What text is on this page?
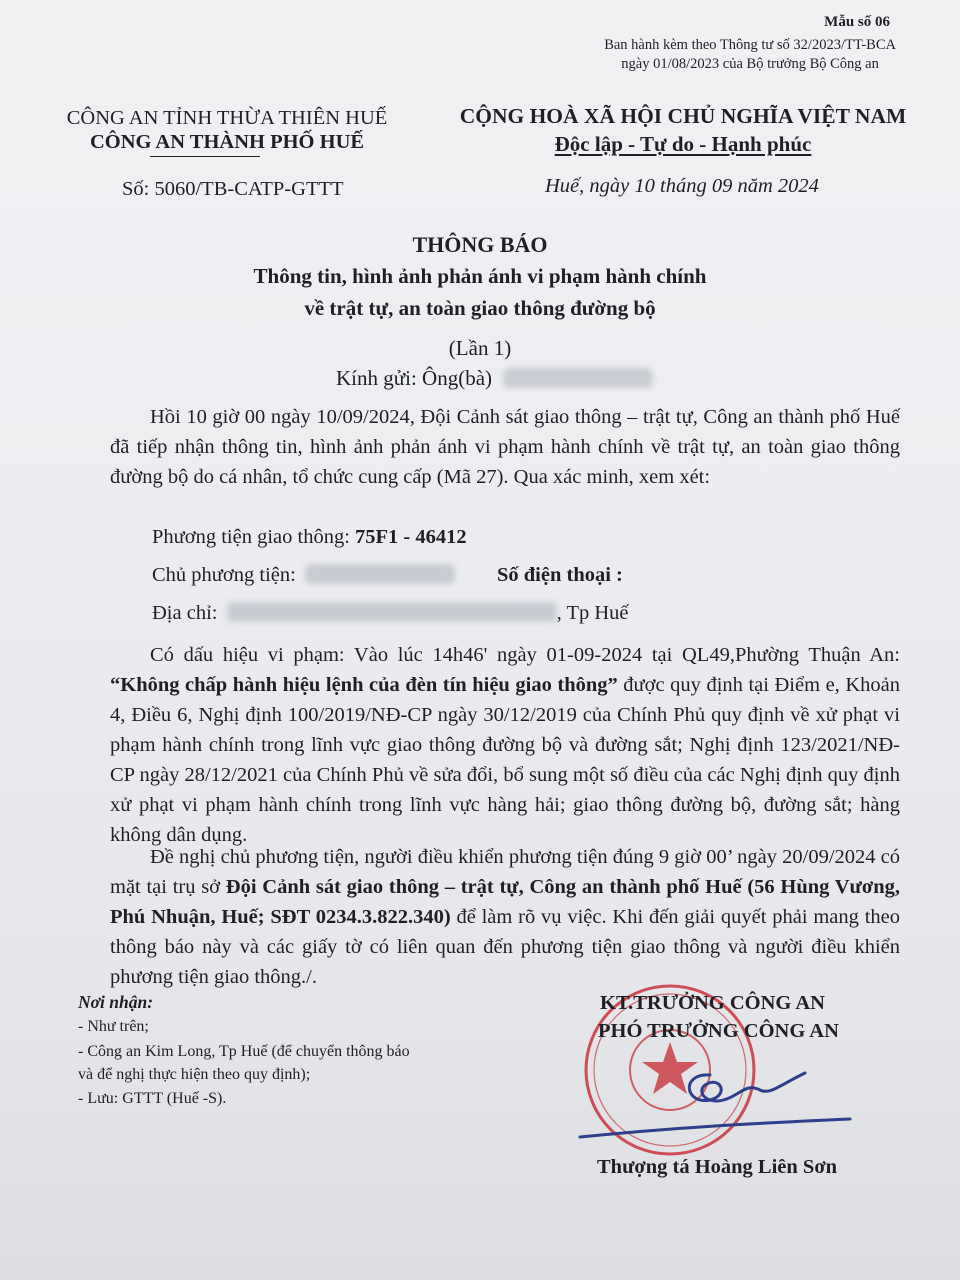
Mẫu số 06
Ban hành kèm theo Thông tư số 32/2023/TT-BCA
ngày 01/08/2023 của Bộ trưởng Bộ Công an
CÔNG AN TỈNH THỪA THIÊN HUẾ
CÔNG AN THÀNH PHỐ HUẾ
CỘNG HOÀ XÃ HỘI CHỦ NGHĨA VIỆT NAM
Độc lập - Tự do - Hạnh phúc
Số: 5060/TB-CATP-GTTT	Huế, ngày 10 tháng 09 năm 2024
THÔNG BÁO
Thông tin, hình ảnh phản ánh vi phạm hành chính
về trật tự, an toàn giao thông đường bộ
(Lần 1)
Kính gửi: Ông(bà)
Hồi 10 giờ 00 ngày 10/09/2024, Đội Cảnh sát giao thông – trật tự, Công an thành phố Huế đã tiếp nhận thông tin, hình ảnh phản ánh vi phạm hành chính về trật tự, an toàn giao thông đường bộ do cá nhân, tổ chức cung cấp (Mã 27). Qua xác minh, xem xét:
Phương tiện giao thông: 75F1 - 46412
Chủ phương tiện:	Số điện thoại :
Địa chỉ:	, Tp Huế
Có dấu hiệu vi phạm: Vào lúc 14h46' ngày 01-09-2024 tại QL49,Phường Thuận An: “Không chấp hành hiệu lệnh của đèn tín hiệu giao thông” được quy định tại Điểm e, Khoản 4, Điều 6, Nghị định 100/2019/NĐ-CP ngày 30/12/2019 của Chính Phủ quy định về xử phạt vi phạm hành chính trong lĩnh vực giao thông đường bộ và đường sắt; Nghị định 123/2021/NĐ-CP ngày 28/12/2021 của Chính Phủ về sửa đổi, bổ sung một số điều của các Nghị định quy định xử phạt vi phạm hành chính trong lĩnh vực hàng hải; giao thông đường bộ, đường sắt; hàng không dân dụng.
Đề nghị chủ phương tiện, người điều khiển phương tiện đúng 9 giờ 00’ ngày 20/09/2024 có mặt tại trụ sở Đội Cảnh sát giao thông – trật tự, Công an thành phố Huế (56 Hùng Vương, Phú Nhuận, Huế; SĐT 0234.3.822.340) để làm rõ vụ việc. Khi đến giải quyết phải mang theo thông báo này và các giấy tờ có liên quan đến phương tiện giao thông và người điều khiển phương tiện giao thông./.
Nơi nhận:
- Như trên;
- Công an Kim Long, Tp Huế (để chuyển thông báo
và để nghị thực hiện theo quy định);
- Lưu: GTTT (Huế -S).
KT.TRƯỞNG CÔNG AN
PHÓ TRƯỞNG CÔNG AN
Thượng tá Hoàng Liên Sơn
